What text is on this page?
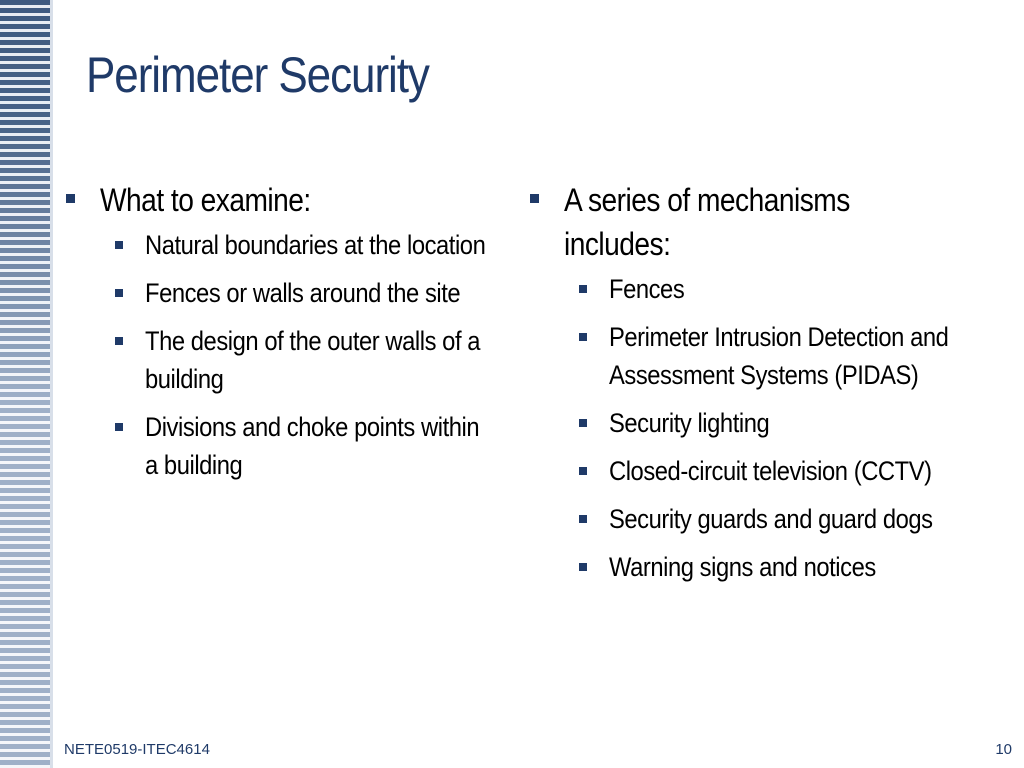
Perimeter Security
What to examine:
Natural boundaries at the location
Fences or walls around the site
The design of the outer walls of a building
Divisions and choke points within a building
A series of mechanisms includes:
Fences
Perimeter Intrusion Detection and Assessment Systems (PIDAS)
Security lighting
Closed-circuit television (CCTV)
Security guards and guard dogs
Warning signs and notices
NETE0519-ITEC4614	10
